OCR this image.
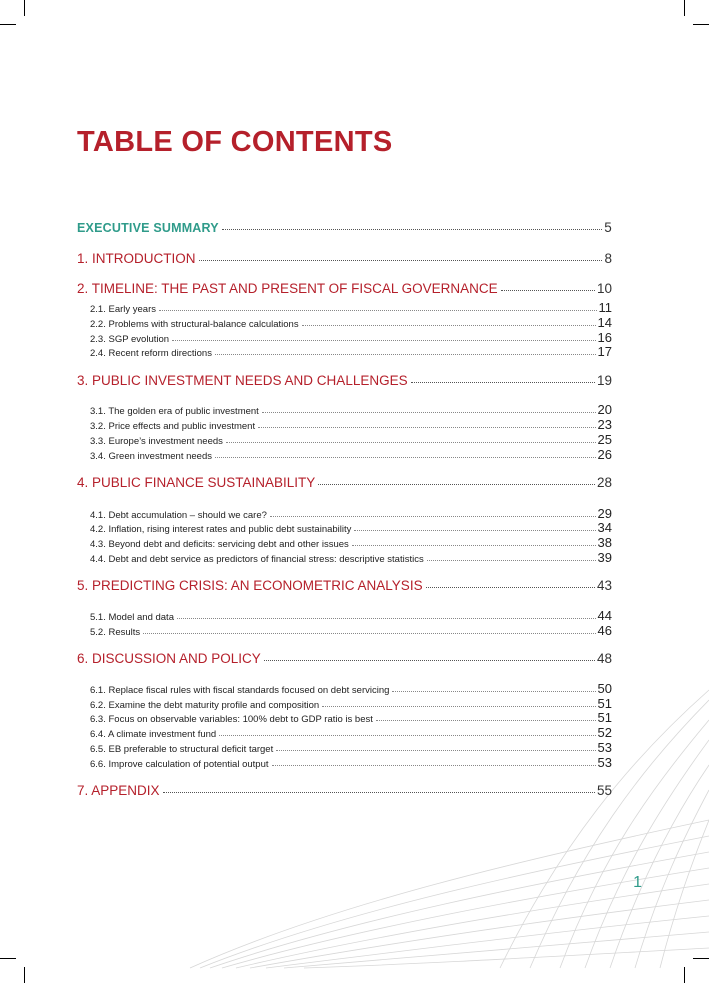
TABLE OF CONTENTS
EXECUTIVE SUMMARY	5
1. INTRODUCTION	8
2. TIMELINE: THE PAST AND PRESENT OF FISCAL GOVERNANCE	10
2.1. Early years	11
2.2. Problems with structural-balance calculations	14
2.3. SGP evolution	16
2.4. Recent reform directions	17
3. PUBLIC INVESTMENT NEEDS AND CHALLENGES	19
3.1. The golden era of public investment	20
3.2. Price effects and public investment	23
3.3. Europe’s investment needs	25
3.4. Green investment needs	26
4. PUBLIC FINANCE SUSTAINABILITY	28
4.1. Debt accumulation – should we care?	29
4.2. Inflation, rising interest rates and public debt sustainability	34
4.3. Beyond debt and deficits: servicing debt and other issues	38
4.4. Debt and debt service as predictors of financial stress: descriptive statistics	39
5. PREDICTING CRISIS: AN ECONOMETRIC ANALYSIS	43
5.1. Model and data	44
5.2. Results	46
6. DISCUSSION AND POLICY	48
6.1. Replace fiscal rules with fiscal standards focused on debt servicing	50
6.2. Examine the debt maturity profile and composition	51
6.3. Focus on observable variables: 100% debt to GDP ratio is best	51
6.4. A climate investment fund	52
6.5. EB preferable to structural deficit target	53
6.6. Improve calculation of potential output	53
7. APPENDIX	55
1
